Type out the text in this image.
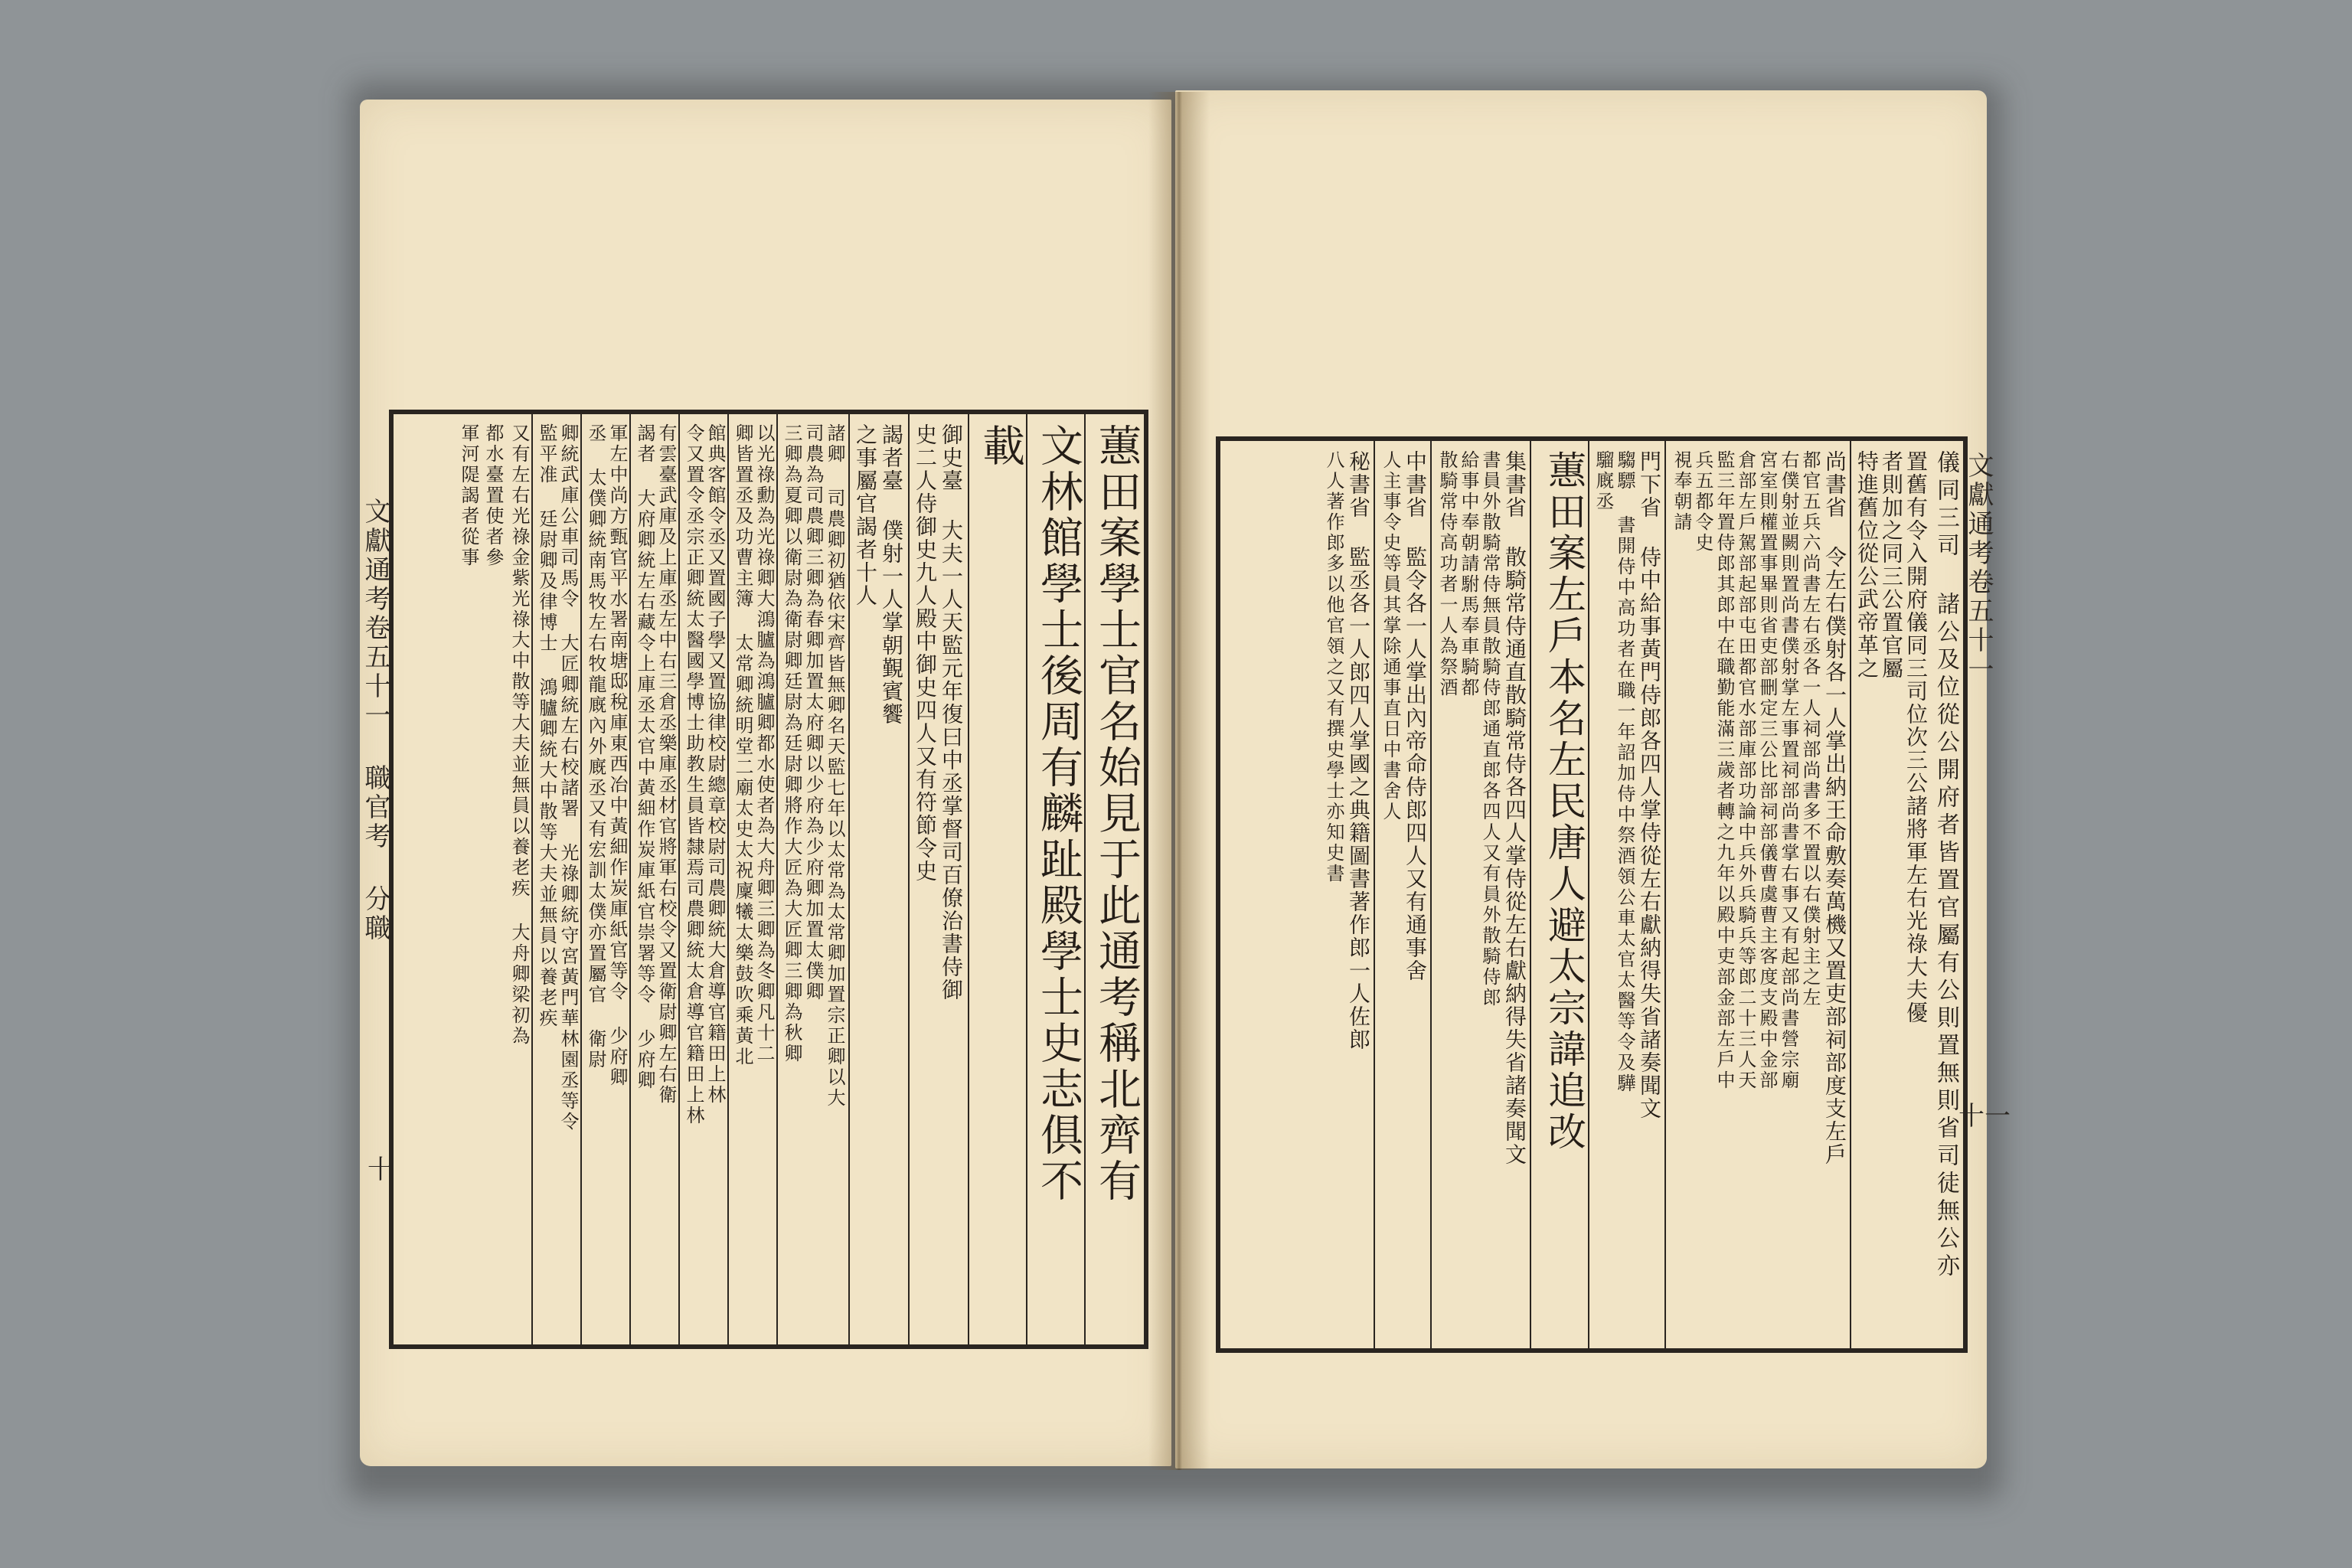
文獻通考卷五十一 職官考 分職
十
文獻通考卷五十一
十一
蕙田案學士官名始見于此通考稱北齊有
文林館學士後周有麟趾殿學士史志俱不
載
御史臺 大夫一人天監元年復曰中丞掌督司百僚治書侍御
史二人侍御史九人殿中御史四人又有符節令史
謁者臺 僕射一人掌朝覲賓饗
之事屬官謁者十人
諸卿 司農卿初猶依宋齊皆無卿名天監七年以太常為太常卿加置宗正卿以大
司農為司農卿三卿為春卿加置太府卿以少府為少府卿加置太僕卿
三卿為夏卿以衛尉為衛尉卿廷尉為廷尉卿將作大匠為大匠卿三卿為秋卿
以光祿勳為光祿卿大鴻臚為鴻臚卿都水使者為大舟卿三卿為冬卿凡十二
卿皆置丞及功曹主簿 太常卿統明堂二廟太史太祝廩犧太樂鼓吹乘黃北
館典客館令丞又置國子學又置協律校尉總章校尉司農卿統大倉導官籍田上林
令又置令丞宗正卿統太醫國學博士助教生員皆隸焉司農卿統太倉導官籍田上林
有雲臺武庫及上庫丞左中右三倉丞樂庫丞材官將軍右校令又置衛尉卿左右衛
謁者 大府卿統左右藏令上庫丞太官中黃細作炭庫紙官崇署等令 少府卿
軍左中尚方甄官平水署南塘邸稅庫東西冶中黃細作炭庫紙官等令 少府卿
丞 太僕卿統南馬牧左右牧龍廐內外廐丞又有宏訓太僕亦置屬官 衛尉
卿統武庫公車司馬令 大匠卿統左右校諸署 光祿卿統守宮黃門華林園丞等令
監平准 廷尉卿及律博士 鴻臚卿統大中散等大夫並無員以養老疾
又有左右光祿金紫光祿大中散等大夫並無員以養老疾 大舟卿梁初為
都水臺置使者參
軍河隄謁者從事	儀同三司 諸公及位從公開府者皆置官屬有公則置無則省司徒無公亦
置舊有令入開府儀同三司位次三公諸將軍左右光祿大夫優
者則加之同三公置官屬
特進舊位從公武帝革之
尚書省 令左右僕射各一人掌出納王命敷奏萬機又置吏部祠部度支左戶
都官五兵六尚書左右丞各一人祠部尚書多不置以右僕射主之左
右僕射並闕則置尚書僕射掌左事置祠部尚書掌右事又有起部尚書營宗廟
宮室則權置事畢則省吏部刪定三公比部祠部儀曹虞曹主客度支殿中金部
倉部左戶駕部起部屯田都官水部庫部功論中兵外兵騎兵等郎二十三人天
監三年置侍郎其郎中在職勤能滿三歲者轉之九年以殿中吏部金部左戶中
兵五都令史
視奉朝請
門下省 侍中給事黃門侍郎各四人掌侍從左右獻納得失省諸奏聞文
騶驃 書開侍中高功者在職一年詔加侍中祭酒領公車太官太醫等令及驊
騮廐丞
蕙田案左戶本名左民唐人避太宗諱追改
集書省 散騎常侍通直散騎常侍各四人掌侍從左右獻納得失省諸奏聞文
書員外散騎常侍無員散騎侍郎通直郎各四人又有員外散騎侍郎
給事中奉朝請駙馬奉車騎都
散騎常侍高功者一人為祭酒
中書省 監令各一人掌出內帝命侍郎四人又有通事舍
人主事令史等員其掌除通事直日中書舍人
秘書省 監丞各一人郎四人掌國之典籍圖書著作郎一人佐郎
八人著作郎多以他官領之又有撰史學士亦知史書
